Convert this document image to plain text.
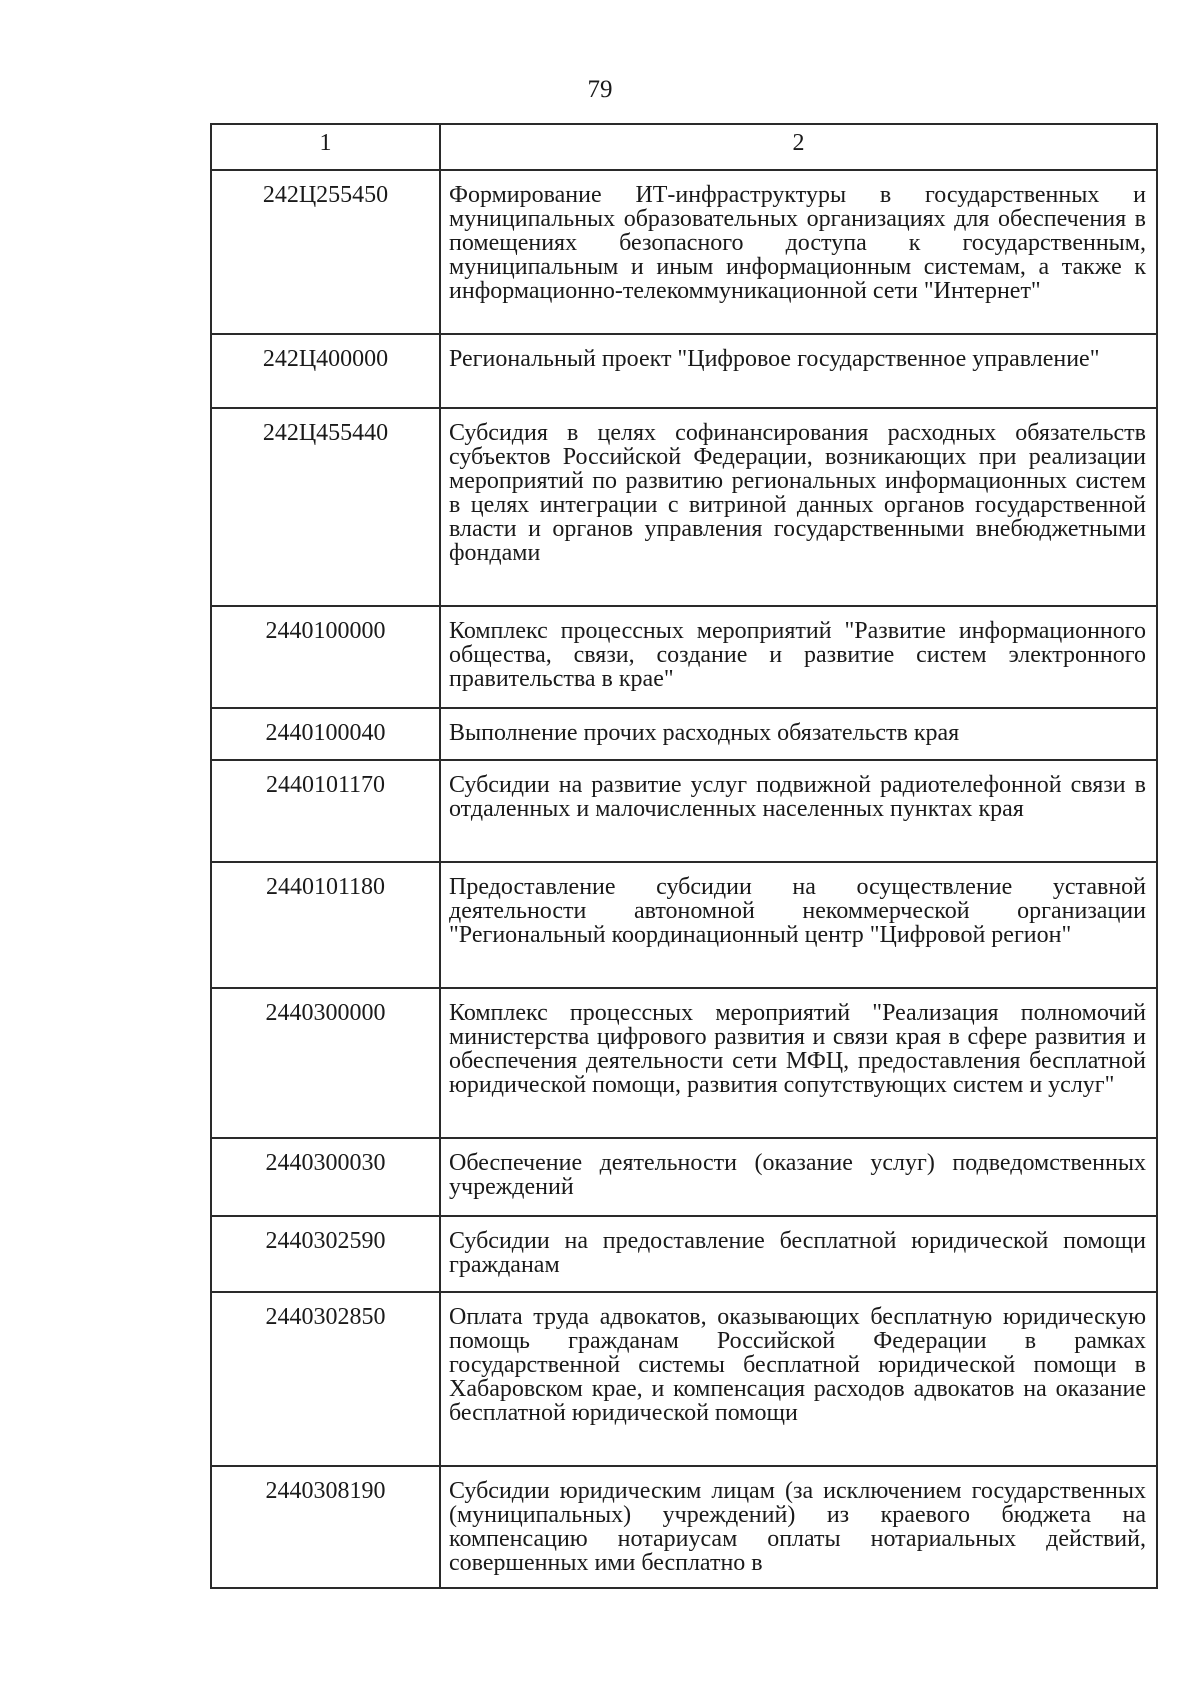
79
1	2
242Ц255450	Формирование ИТ-инфраструктуры в государственных и муниципальных образовательных организациях для обеспечения в помещениях безопасного доступа к государственным, муниципальным и иным информационным системам, а также к информационно-телекоммуникационной сети "Интернет"
242Ц400000	Региональный проект "Цифровое государственное управление"
242Ц455440	Субсидия в целях софинансирования расходных обязательств субъектов Российской Федерации, возникающих при реализации мероприятий по развитию региональных информационных систем в целях интеграции с витриной данных органов государственной власти и органов управления государственными внебюджетными фондами
2440100000	Комплекс процессных мероприятий "Развитие информационного общества, связи, создание и развитие систем электронного правительства в крае"
2440100040	Выполнение прочих расходных обязательств края
2440101170	Субсидии на развитие услуг подвижной радиотелефонной связи в отдаленных и малочисленных населенных пунктах края
2440101180	Предоставление субсидии на осуществление уставной деятельности автономной некоммерческой организации "Региональный координационный центр "Цифровой регион"
2440300000	Комплекс процессных мероприятий "Реализация полномочий министерства цифрового развития и связи края в сфере развития и обеспечения деятельности сети МФЦ, предоставления бесплатной юридической помощи, развития сопутствующих систем и услуг"
2440300030	Обеспечение деятельности (оказание услуг) подведомственных учреждений
2440302590	Субсидии на предоставление бесплатной юридической помощи гражданам
2440302850	Оплата труда адвокатов, оказывающих бесплатную юридическую помощь гражданам Российской Федерации в рамках государственной системы бесплатной юридической помощи в Хабаровском крае, и компенсация расходов адвокатов на оказание бесплатной юридической помощи
2440308190	Субсидии юридическим лицам (за исключением государственных (муниципальных) учреждений) из краевого бюджета на компенсацию нотариусам оплаты нотариальных действий, совершенных ими бесплатно в
